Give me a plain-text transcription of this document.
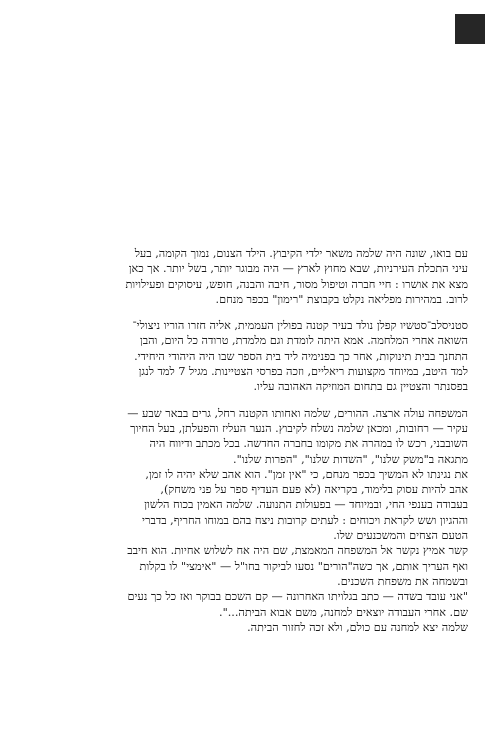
עם בואו, שונה היה שלמה משאר ילדי הקיבוץ. הילד הצנום, נמוך הקומה, בעל
עיני התכלת העירניות, שבא מחוץ לארץ — היה מבוגר יותר, בשל יותר. אך כאן
מצא את אושרו : חיי חברה וטיפול מסור, חיבה והבנה, חופש, עיסוקים ופעילויות
לרוב. במהירות מפליאה נקלט בקבוצת "רימון" בכפר מנחם.

סטניסלב־סטשיו קפלן נולד בעיר קטנה בפולין העממית, אליה חזרו הוריו ניצולי־
השואה אחרי המלחמה. אמא היתה לומדת וגם מלמדת, טרודה כל היום, והבן
התחנך בבית תינוקות, אחר כך בפנימיה ליד בית הספר שבו היה היהודי היחידי.
למד היטב, במיוחד מקצועות ריאליים, וזכה בפרסי הצטיינות. מגיל 7 למד לנגן
בפסנתר והצטיין גם בתחום המוזיקה האהובה עליו.

המשפחה עולה ארצה. ההורים, שלמה ואחותו הקטנה רחל, גרים בבאר שבע —
עקיר — רחובות, ומכאן שלמה נשלח לקיבוץ. הנער העליז והפעלתן, בעל החיוך
השובבני, רכש לו במהרה את מקומו בחברה החדשה. בכל מכתב ודיווח היה
מתגאה ב"משק שלנו", "השדות שלנו", "הפרות שלנו".
את נגינתו לא המשיך בכפר מנחם, כי "אין זמן". הוא אהב שלא יהיה לו זמן,
אהב להיות עסוק בלימוד, בקריאה (לא פעם העדיף ספר על פני משחק),
בעבודה בענפי החי, ובמיוחד — בפעולות התנועה. שלמה האמין בכוח הלשון
וההגיון ושש לקראת ויכוחים : לעתים קרובות ניצח בהם במוחו החריף, בדברי
הטעם הצחים והמשכנעים שלו.
קשר אמיץ נקשר אל המשפחה המאמצת, שם היה אח לשלוש אחיות. הוא חיבב
ואף העריך אותם, אך כשה"הורים" נסעו לביקור בחו"ל — "אימצי" לו בקלות
ובשמחה את משפחת השכנים.
"אני עובד בשדה — כתב בגלויתו האחרונה — קם השכם בבוקר ואז כל כך נעים
שם. אחרי העבודה יוצאים למחנה, משם אבוא הביתה...".
שלמה יצא למחנה עם כולם, ולא זכה לחזור הביתה.
